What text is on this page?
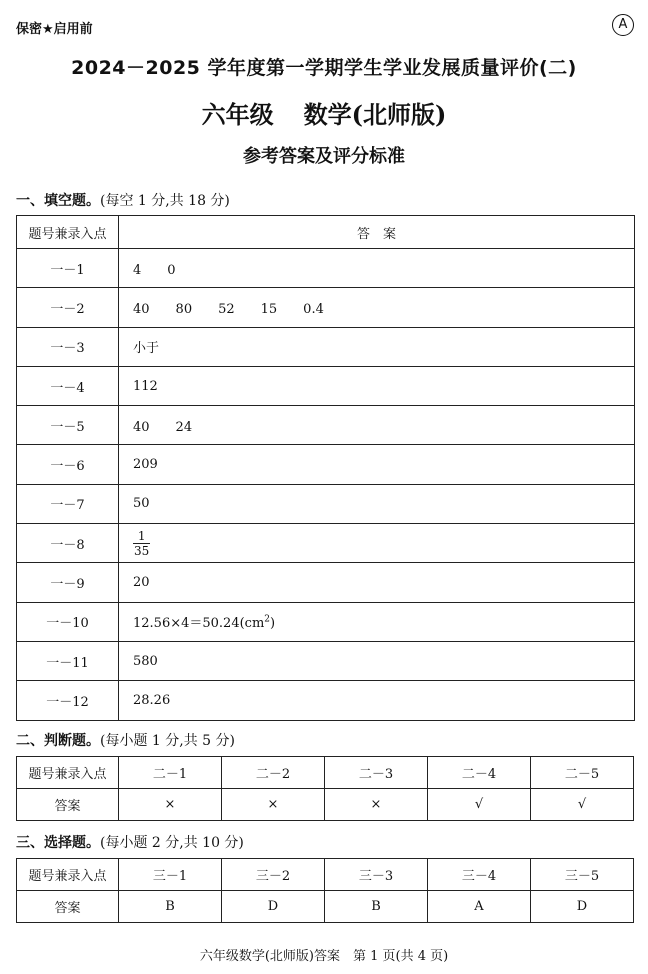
保密★启用前	A
2024－2025 学年度第一学期学生学业发展质量评价(二)
六年级 数学(北师版)
参考答案及评分标准
一、填空题。(每空 1 分,共 18 分)
题号兼录入点	答　案
一－1	4　　0
一－2	40　　80　　52　　15　　0.4
一－3	小于
一－4	112
一－5	40　　24
一－6	209
一－7	50
一－8	$\frac{1}{35}$

一－9	20
一－10	$12.56\times 4=50.24(cm^2)$
一－11	580
一－12	28.26
二、判断题。(每小题 1 分,共 5 分)
题号兼录入点	二－1	二－2	二－3	二－4	二－5
答案	×	×	×	√	√
三、选择题。(每小题 2 分,共 10 分)
题号兼录入点	三－1	三－2	三－3	三－4	三－5
答案	B	D	B	A	D
六年级数学(北师版)答案　第 1 页(共 4 页)
